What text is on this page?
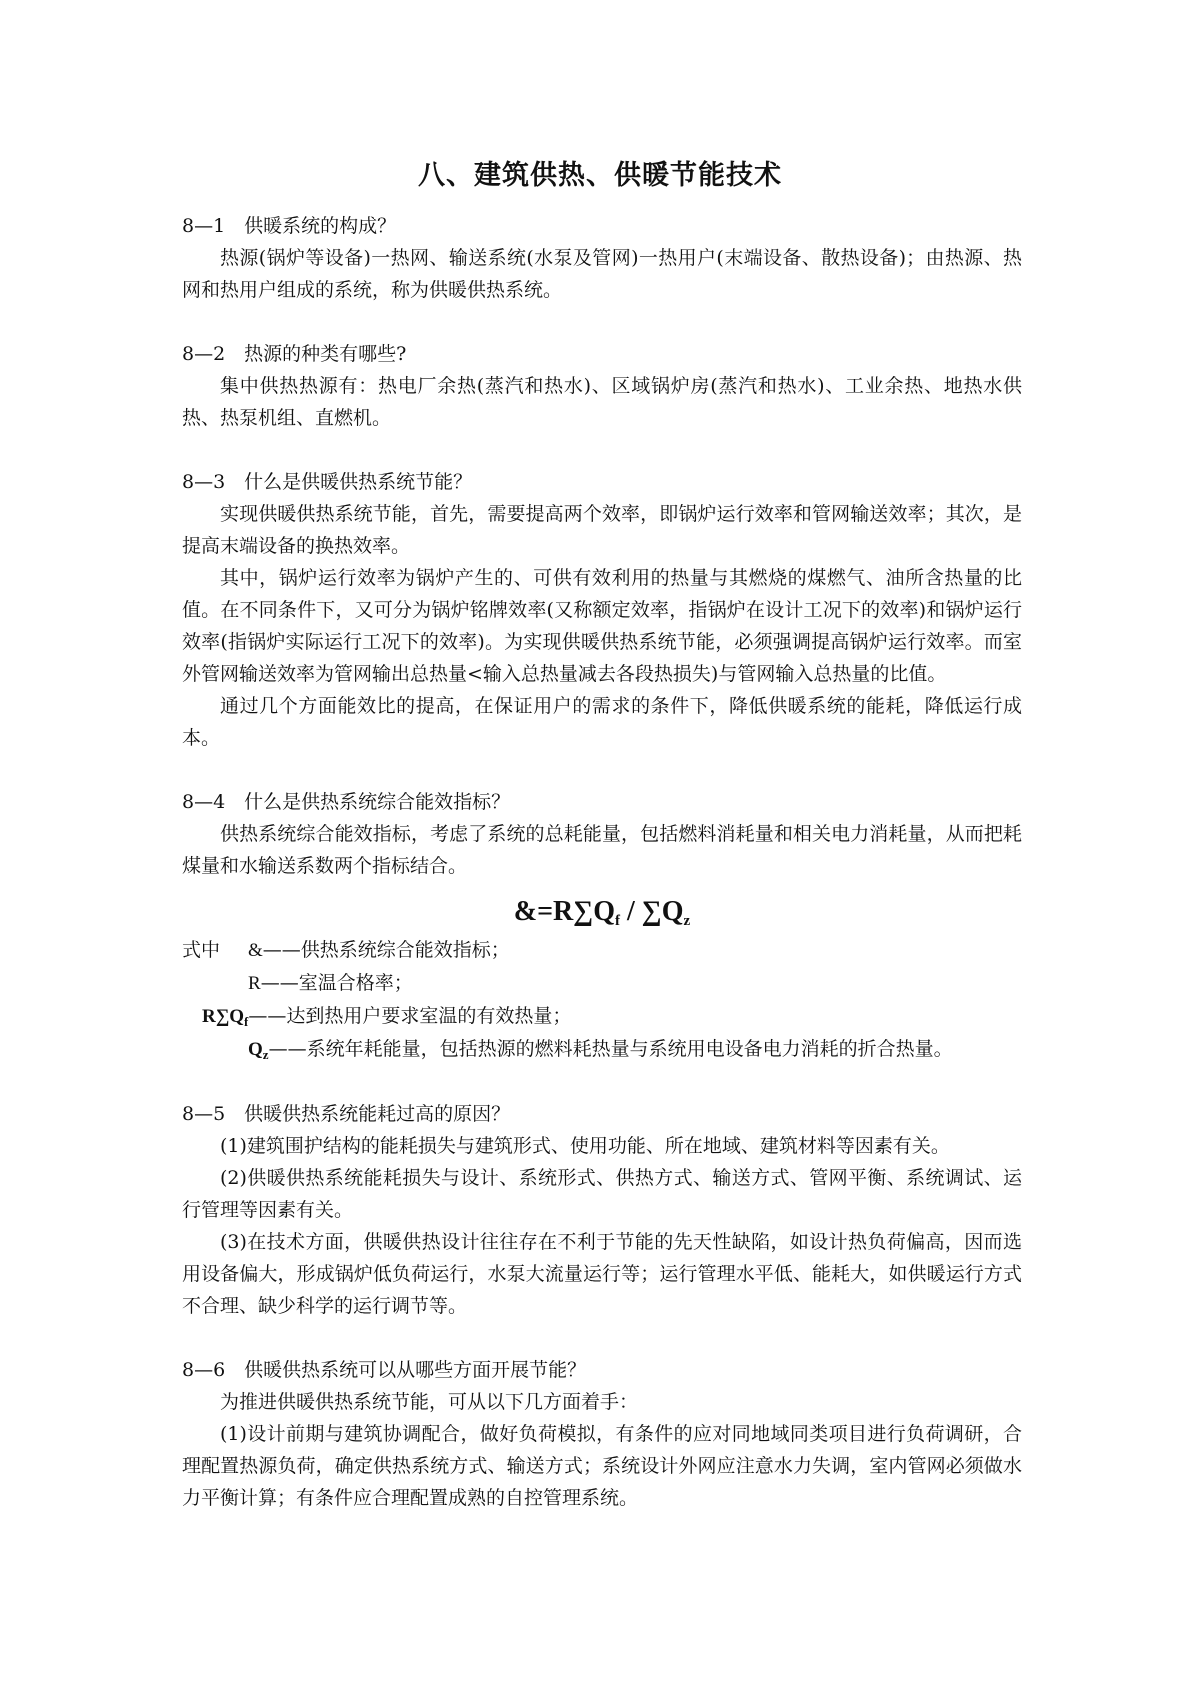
八、建筑供热、供暖节能技术

8—1　供暖系统的构成？

热源(锅炉等设备)一热网、输送系统(水泵及管网)一热用户(末端设备、散热设备)；由热源、热网和热用户组成的系统，称为供暖供热系统。

8—2　热源的种类有哪些?

集中供热热源有：热电厂余热(蒸汽和热水)、区域锅炉房(蒸汽和热水)、工业余热、地热水供热、热泵机组、直燃机。

8—3　什么是供暖供热系统节能？

实现供暖供热系统节能，首先，需要提高两个效率，即锅炉运行效率和管网输送效率；其次，是提高末端设备的换热效率。

其中，锅炉运行效率为锅炉产生的、可供有效利用的热量与其燃烧的煤燃气、油所含热量的比值。在不同条件下，又可分为锅炉铭牌效率(又称额定效率，指锅炉在设计工况下的效率)和锅炉运行效率(指锅炉实际运行工况下的效率)。为实现供暖供热系统节能，必须强调提高锅炉运行效率。而室外管网输送效率为管网输出总热量<输入总热量减去各段热损失)与管网输入总热量的比值。

通过几个方面能效比的提高，在保证用户的需求的条件下，降低供暖系统的能耗，降低运行成本。

8—4　什么是供热系统综合能效指标？

供热系统综合能效指标，考虑了系统的总耗能量，包括燃料消耗量和相关电力消耗量，从而把耗煤量和水输送系数两个指标结合。

$\&=R\sum Q_f / \sum Q_z$

式中 &——供热系统综合能效指标；

R——室温合格率；

$R\sum Q_f——$达到热用户要求室温的有效热量；

$Q_z——$系统年耗能量，包括热源的燃料耗热量与系统用电设备电力消耗的折合热量。

8—5　供暖供热系统能耗过高的原因？

(1)建筑围护结构的能耗损失与建筑形式、使用功能、所在地域、建筑材料等因素有关。

(2)供暖供热系统能耗损失与设计、系统形式、供热方式、输送方式、管网平衡、系统调试、运行管理等因素有关。

(3)在技术方面，供暖供热设计往往存在不利于节能的先天性缺陷，如设计热负荷偏高，因而选用设备偏大，形成锅炉低负荷运行，水泵大流量运行等；运行管理水平低、能耗大，如供暖运行方式不合理、缺少科学的运行调节等。

8—6　供暖供热系统可以从哪些方面开展节能？

为推进供暖供热系统节能，可从以下几方面着手：

(1)设计前期与建筑协调配合，做好负荷模拟，有条件的应对同地域同类项目进行负荷调研，合理配置热源负荷，确定供热系统方式、输送方式；系统设计外网应注意水力失调，室内管网必须做水力平衡计算；有条件应合理配置成熟的自控管理系统。
